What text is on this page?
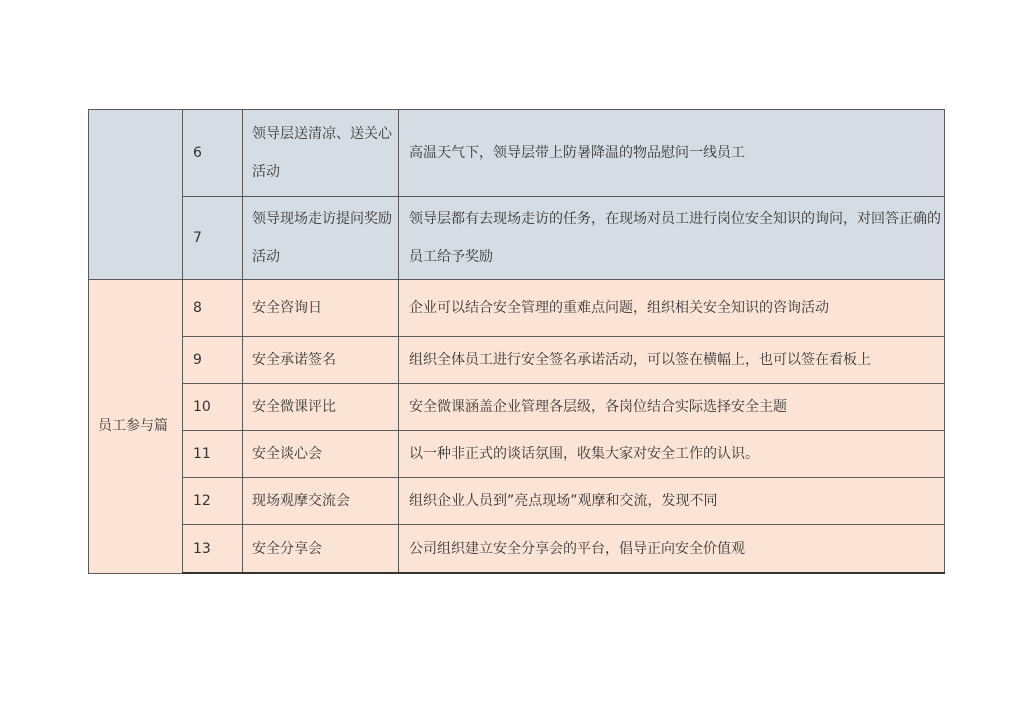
	6	领导层送清凉、送关心活动	高温天气下，领导层带上防暑降温的物品慰问一线员工
	7	领导现场走访提问奖励活动	领导层都有去现场走访的任务，在现场对员工进行岗位安全知识的询问，对回答正确的员工给予奖励
员工参与篇	8	安全咨询日	企业可以结合安全管理的重难点问题，组织相关安全知识的咨询活动
	9	安全承诺签名	组织全体员工进行安全签名承诺活动，可以签在横幅上，也可以签在看板上
	10	安全微课评比	安全微课涵盖企业管理各层级，各岗位结合实际选择安全主题
	11	安全谈心会	以一种非正式的谈话氛围，收集大家对安全工作的认识。
	12	现场观摩交流会	组织企业人员到”亮点现场”观摩和交流，发现不同
	13	安全分享会	公司组织建立安全分享会的平台，倡导正向安全价值观
